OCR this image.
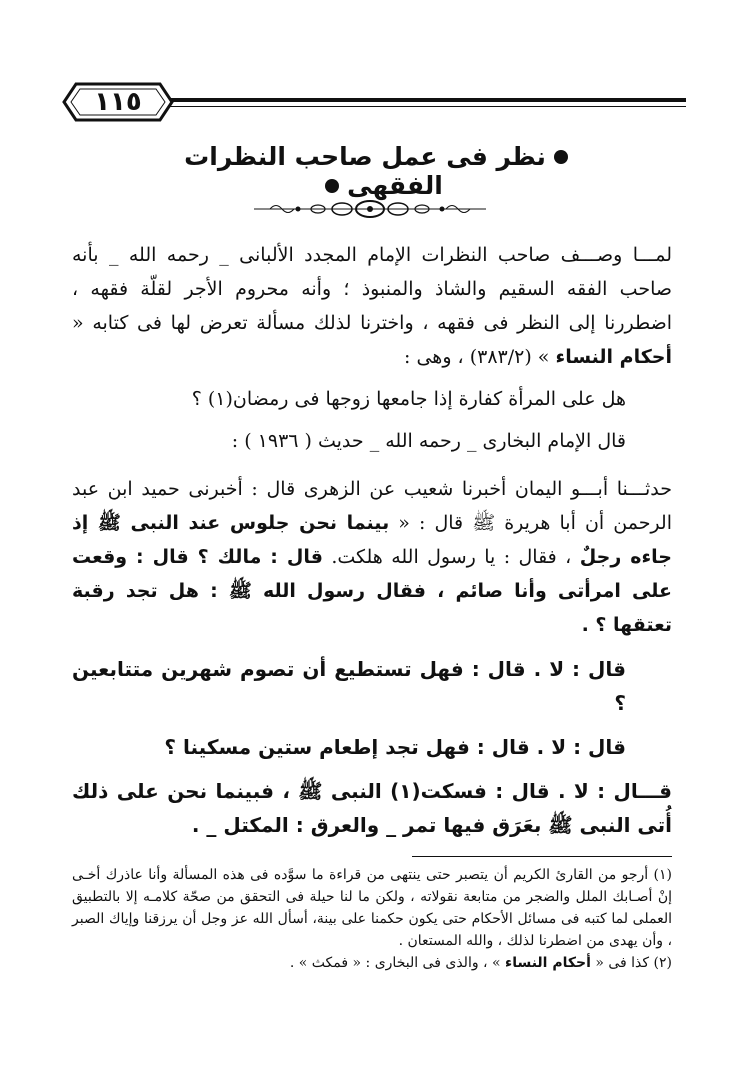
١١٥
نظر فى عمل صاحب النظرات الفقهى

لمـــا وصـــف صاحب النظرات الإمام المجدد الألبانى _ رحمه الله _ بأنه صاحب الفقه السقيم والشاذ والمنبوذ ؛ وأنه محروم الأجر لقلّة فقهه ، اضطررنا إلى النظر فى فقهه ، واخترنا لذلك مسألة تعرض لها فى كتابه « أحكام النساء » (٣٨٣/٢) ، وهى :

هل على المرأة كفارة إذا جامعها زوجها فى رمضان(١) ؟

قال الإمام البخارى _ رحمه الله _ حديث ( ١٩٣٦ ) :

حدثـــنا أبـــو اليمان أخبرنا شعيب عن الزهرى قال : أخبرنى حميد ابن عبد الرحمن أن أبا هريرة ﷺ قال : « بينما نحن جلوس عند النبى ﷺ إذ جاءه رجلٌ ، فقال : يا رسول الله هلكت. قال : مالك ؟ قال : وقعت على امرأتى وأنا صائم ، فقال رسول الله ﷺ : هل تجد رقبة تعتقها ؟ .

قال : لا . قال : فهل تستطيع أن تصوم شهرين متتابعين ؟

قال : لا . قال : فهل تجد إطعام ستين مسكينا ؟

قـــال : لا . قال : فسكت(١) النبى ﷺ ، فبينما نحن على ذلك أُتى النبى ﷺ بعَرَق فيها تمر _ والعرق : المكتل _ .

(١) أرجو من القارئ الكريم أن يتصبر حتى ينتهى من قراءة ما سوَّده فى هذه المسألة وأنا عاذرك أخـى إنْ أصـابك الملل والضجر من متابعة نقولاته ، ولكن ما لنا حيلة فى التحقق من صحّة كلامـه إلا بالتطبيق العملى لما كتبه فى مسائل الأحكام حتى يكون حكمنا على بينة، أسأل الله عز وجل أن يرزقنا وإياك الصبر ، وأن يهدى من اضطرنا لذلك ، والله المستعان .

(٢) كذا فى « أحكام النساء » ، والذى فى البخارى : « فمكث » .
